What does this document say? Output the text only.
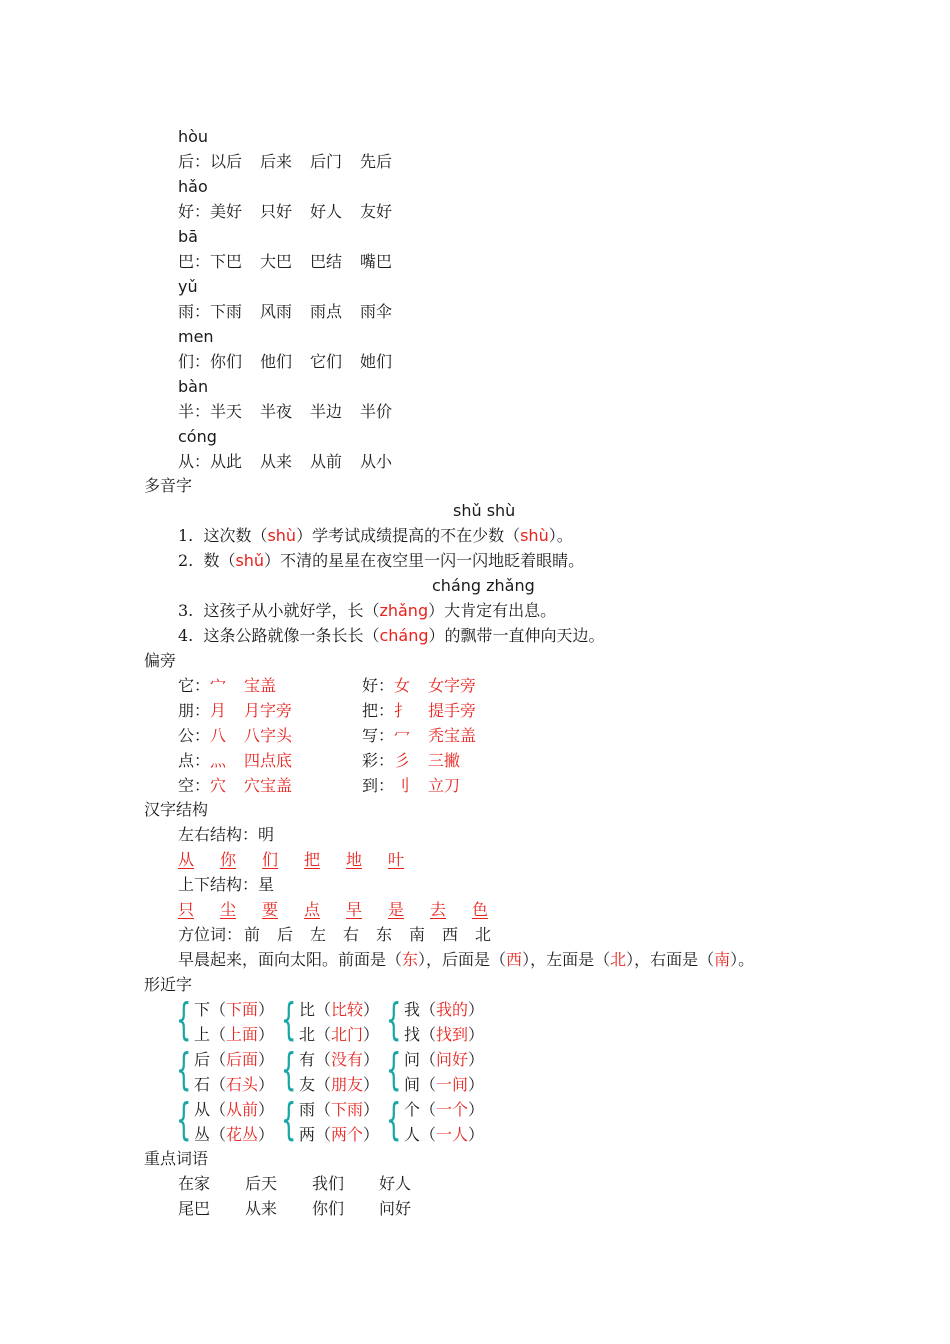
hòu
后：以后 后来 后门 先后
hǎo
好：美好 只好 好人 友好
bā
巴：下巴 大巴 巴结 嘴巴
yǔ
雨：下雨 风雨 雨点 雨伞
men
们：你们 他们 它们 她们
bàn
半：半天 半夜 半边 半价
cóng
从：从此 从来 从前 从小
多音字
shǔ shù
1. 这次数（shù）学考试成绩提高的不在少数（shù）。
2. 数（shǔ）不清的星星在夜空里一闪一闪地眨着眼睛。
cháng zhǎng
3. 这孩子从小就好学，长（zhǎng）大肯定有出息。
4. 这条公路就像一条长长（cháng）的飘带一直伸向天边。
偏旁
它：宀 宝盖
朋：月 月字旁
公：八 八字头
点：灬 四点底
空：穴 穴宝盖
好：女 女字旁
把：扌 提手旁
写：冖 秃宝盖
彩：彡 三撇
到：刂 立刀
汉字结构
左右结构：明
从 你 们 把 地 叶
上下结构：星
只 尘 要 点 早 是 去 色
方位词： 前 后 左 右 东 南 西 北
早晨起来，面向太阳。前面是（东），后面是（西），左面是（北），右面是（南）。
形近字
{ 下（下面）
上（上面） { 比（比较）
北（北门） { 我（我的）
找（找到）
{ 后（后面）
石（石头） { 有（没有）
友（朋友） { 问（问好）
间（一间）
{ 从（从前）
丛（花丛） { 雨（下雨）
两（两个） { 个（一个）
人（一人）
重点词语
在家 后天 我们 好人
尾巴 从来 你们 问好
